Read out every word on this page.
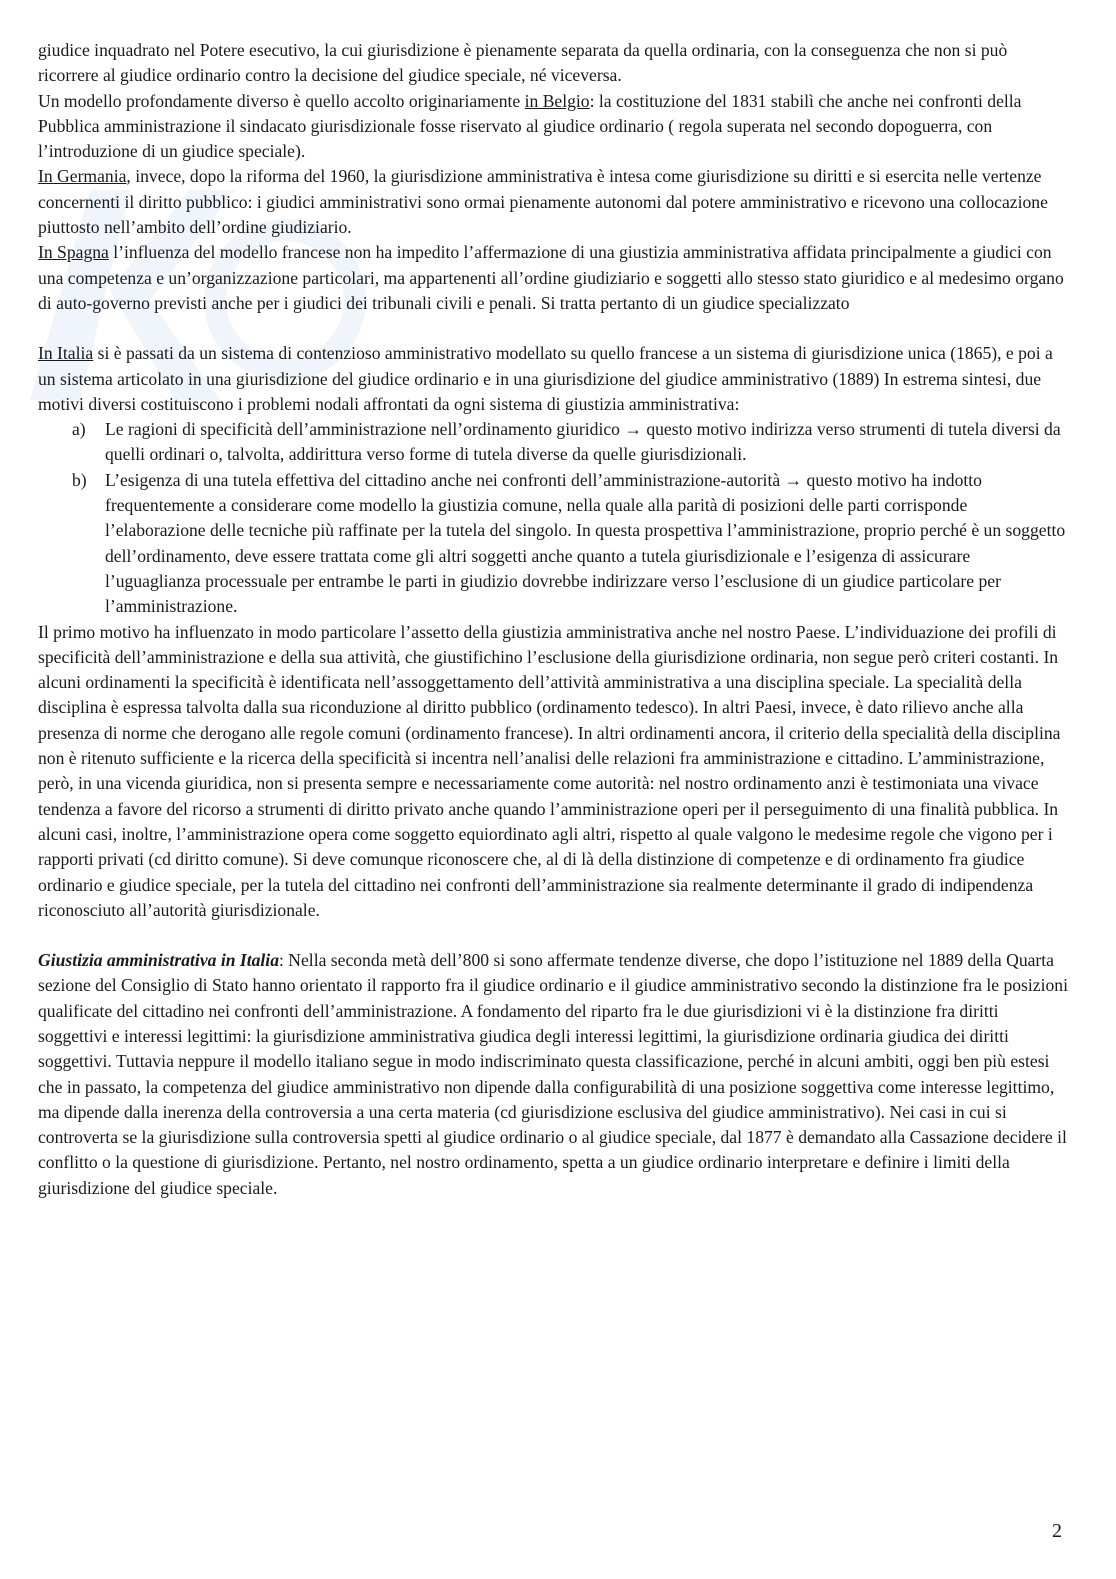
giudice inquadrato nel Potere esecutivo, la cui giurisdizione è pienamente separata da quella ordinaria, con la conseguenza che non si può ricorrere al giudice ordinario contro la decisione del giudice speciale, né viceversa.

Un modello profondamente diverso è quello accolto originariamente in Belgio: la costituzione del 1831 stabilì che anche nei confronti della Pubblica amministrazione il sindacato giurisdizionale fosse riservato al giudice ordinario ( regola superata nel secondo dopoguerra, con l’introduzione di un giudice speciale).

In Germania, invece, dopo la riforma del 1960, la giurisdizione amministrativa è intesa come giurisdizione su diritti e si esercita nelle vertenze concernenti il diritto pubblico: i giudici amministrativi sono ormai pienamente autonomi dal potere amministrativo e ricevono una collocazione piuttosto nell’ambito dell’ordine giudiziario.

In Spagna l’influenza del modello francese non ha impedito l’affermazione di una giustizia amministrativa affidata principalmente a giudici con una competenza e un’organizzazione particolari, ma appartenenti all’ordine giudiziario e soggetti allo stesso stato giuridico e al medesimo organo di auto-governo previsti anche per i giudici dei tribunali civili e penali. Si tratta pertanto di un giudice specializzato

In Italia si è passati da un sistema di contenzioso amministrativo modellato su quello francese a un sistema di giurisdizione unica (1865), e poi a un sistema articolato in una giurisdizione del giudice ordinario e in una giurisdizione del giudice amministrativo (1889) In estrema sintesi, due motivi diversi costituiscono i problemi nodali affrontati da ogni sistema di giustizia amministrativa:

a) Le ragioni di specificità dell’amministrazione nell’ordinamento giuridico → questo motivo indirizza verso strumenti di tutela diversi da quelli ordinari o, talvolta, addirittura verso forme di tutela diverse da quelle giurisdizionali.
b) L’esigenza di una tutela effettiva del cittadino anche nei confronti dell’amministrazione-autorità → questo motivo ha indotto frequentemente a considerare come modello la giustizia comune, nella quale alla parità di posizioni delle parti corrisponde l’elaborazione delle tecniche più raffinate per la tutela del singolo. In questa prospettiva l’amministrazione, proprio perché è un soggetto dell’ordinamento, deve essere trattata come gli altri soggetti anche quanto a tutela giurisdizionale e l’esigenza di assicurare l’uguaglianza processuale per entrambe le parti in giudizio dovrebbe indirizzare verso l’esclusione di un giudice particolare per l’amministrazione.

Il primo motivo ha influenzato in modo particolare l’assetto della giustizia amministrativa anche nel nostro Paese. L’individuazione dei profili di specificità dell’amministrazione e della sua attività, che giustifichino l’esclusione della giurisdizione ordinaria, non segue però criteri costanti. In alcuni ordinamenti la specificità è identificata nell’assoggettamento dell’attività amministrativa a una disciplina speciale. La specialità della disciplina è espressa talvolta dalla sua riconduzione al diritto pubblico (ordinamento tedesco). In altri Paesi, invece, è dato rilievo anche alla presenza di norme che derogano alle regole comuni (ordinamento francese). In altri ordinamenti ancora, il criterio della specialità della disciplina non è ritenuto sufficiente e la ricerca della specificità si incentra nell’analisi delle relazioni fra amministrazione e cittadino. L’amministrazione, però, in una vicenda giuridica, non si presenta sempre e necessariamente come autorità: nel nostro ordinamento anzi è testimoniata una vivace tendenza a favore del ricorso a strumenti di diritto privato anche quando l’amministrazione operi per il perseguimento di una finalità pubblica. In alcuni casi, inoltre, l’amministrazione opera come soggetto equiordinato agli altri, rispetto al quale valgono le medesime regole che vigono per i rapporti privati (cd diritto comune). Si deve comunque riconoscere che, al di là della distinzione di competenze e di ordinamento fra giudice ordinario e giudice speciale, per la tutela del cittadino nei confronti dell’amministrazione sia realmente determinante il grado di indipendenza riconosciuto all’autorità giurisdizionale.

Giustizia amministrativa in Italia: Nella seconda metà dell’800 si sono affermate tendenze diverse, che dopo l’istituzione nel 1889 della Quarta sezione del Consiglio di Stato hanno orientato il rapporto fra il giudice ordinario e il giudice amministrativo secondo la distinzione fra le posizioni qualificate del cittadino nei confronti dell’amministrazione. A fondamento del riparto fra le due giurisdizioni vi è la distinzione fra diritti soggettivi e interessi legittimi: la giurisdizione amministrativa giudica degli interessi legittimi, la giurisdizione ordinaria giudica dei diritti soggettivi. Tuttavia neppure il modello italiano segue in modo indiscriminato questa classificazione, perché in alcuni ambiti, oggi ben più estesi che in passato, la competenza del giudice amministrativo non dipende dalla configurabilità di una posizione soggettiva come interesse legittimo, ma dipende dalla inerenza della controversia a una certa materia (cd giurisdizione esclusiva del giudice amministrativo). Nei casi in cui si controverta se la giurisdizione sulla controversia spetti al giudice ordinario o al giudice speciale, dal 1877 è demandato alla Cassazione decidere il conflitto o la questione di giurisdizione. Pertanto, nel nostro ordinamento, spetta a un giudice ordinario interpretare e definire i limiti della giurisdizione del giudice speciale.

2
